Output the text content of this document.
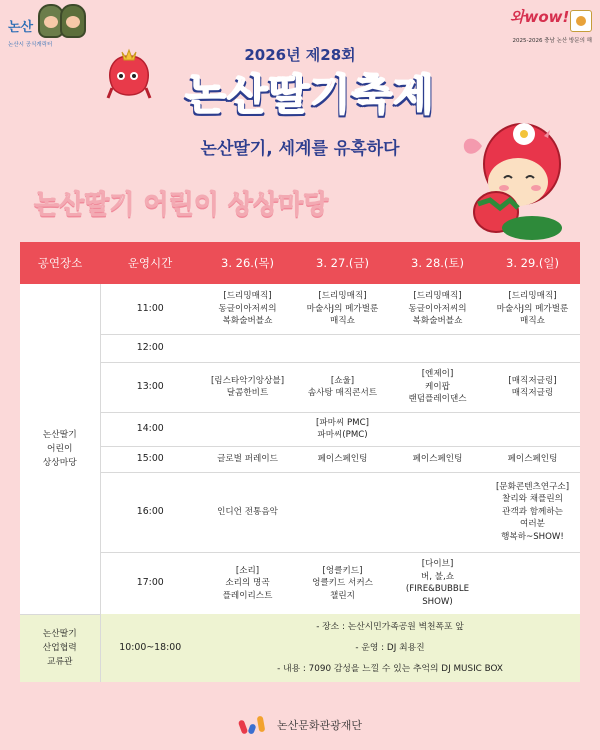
논산
논산시 공식캐릭터
와wow!
2025-2026 충남 논산 방문의 해
2026년 제28회
논산딸기축제
논산딸기, 세계를 유혹하다
논산딸기 어린이 상상마당
공연장소	운영시간	3. 26.(목)	3. 27.(금)	3. 28.(토)	3. 29.(일)

논산딸기
어린이
상상마당	11:00	[드리밍매직]
동글이아저씨의
복화술버블쇼	[드리밍매직]
마술사J의 메가벌룬
매직쇼	[드리밍매직]
동글이아저씨의
복화술버블쇼	[드리밍매직]
마술사J의 메가벌룬
매직쇼

	12:00				
	13:00	[림스타악기앙상블]
달콤한비트	[쇼울]
솜사탕 매직콘서트	[엔제이]
케이팝
랜덤플레이댄스	[매직저글링]
매직저글링

	14:00		[파마씨 PMC]
파마씨(PMC)		

	15:00	글로벌 퍼레이드	페이스페인팅	페이스페인팅	페이스페인팅

	16:00	인디언 전통음악			[문화콘텐츠연구소]
찰리와 채플린의
관객과 함께하는
여러분
행복하~SHOW!

	17:00	[소리]
소리의 명곡
플레이리스트	[엉클키드]
엉클키드 서커스
챌린지	[다이브]
버, 불,쇼
(FIRE&BUBBLE
SHOW)	

논산딸기
산업협력
교류관	10:00~18:00	- 장소 : 논산시민가족공원 벽천폭포 앞
- 운영 : DJ 최용진
- 내용 : 7090 감성을 느낄 수 있는 추억의 DJ MUSIC BOX			
논산문화관광재단
